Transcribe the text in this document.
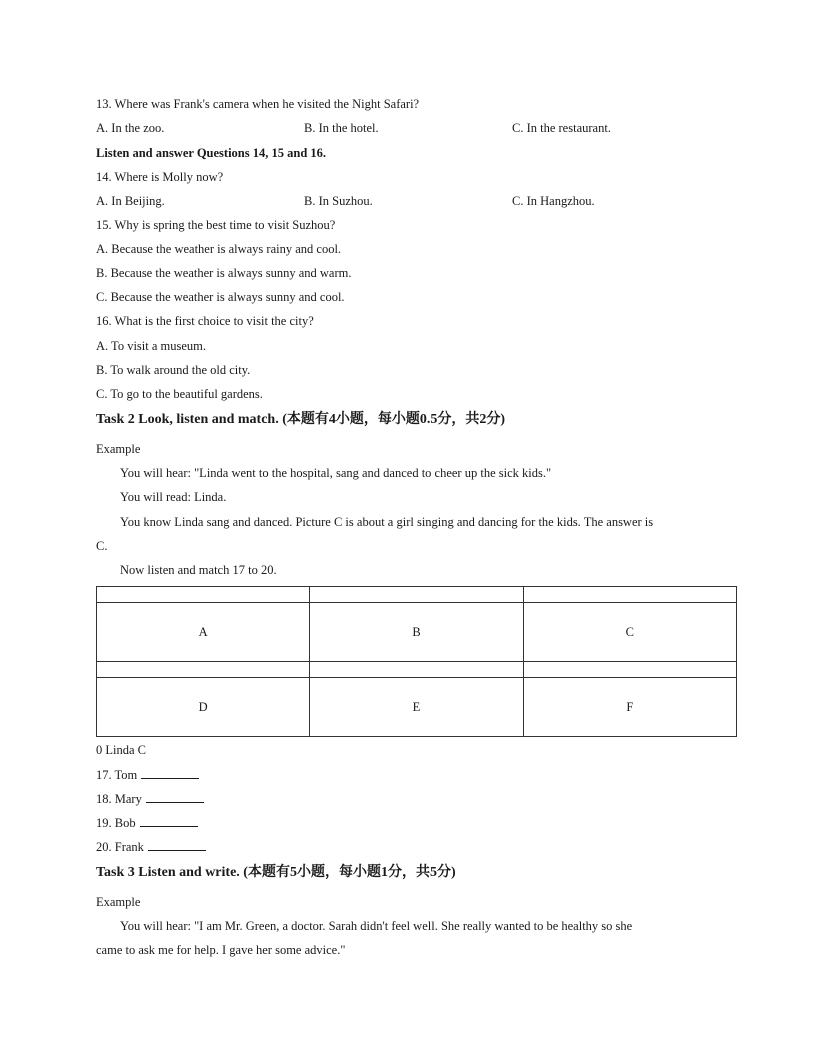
13. Where was Frank's camera when he visited the Night Safari?
A. In the zoo.	B. In the hotel.	C. In the restaurant.
Listen and answer Questions 14, 15 and 16.
14. Where is Molly now?
A. In Beijing.	B. In Suzhou.	C. In Hangzhou.
15. Why is spring the best time to visit Suzhou?
A. Because the weather is always rainy and cool.
B. Because the weather is always sunny and warm.
C. Because the weather is always sunny and cool.
16. What is the first choice to visit the city?
A. To visit a museum.
B. To walk around the old city.
C. To go to the beautiful gardens.
Task 2 Look, listen and match. (本题有4小题，每小题0.5分，共2分)
Example
You will hear: "Linda went to the hospital, sang and danced to cheer up the sick kids."
You will read: Linda.
You know Linda sang and danced. Picture C is about a girl singing and dancing for the kids. The answer is
C.
Now listen and match 17 to 20.

A	B	C

D	E	F
0 Linda C
17. Tom
18. Mary
19. Bob
20. Frank
Task 3 Listen and write. (本题有5小题，每小题1分，共5分)
Example
You will hear: "I am Mr. Green, a doctor. Sarah didn't feel well. She really wanted to be healthy so she
came to ask me for help. I gave her some advice."
